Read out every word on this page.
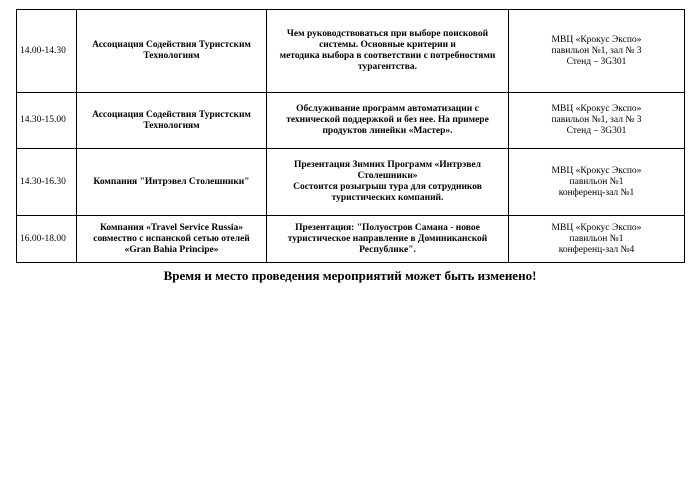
14.00-14.30	Ассоциация Содействия Туристским
Технологиям	Чем руководствоваться при выборе поисковой
системы. Основные критерии и
методика выбора в соответствии с потребностями
турагентства.	МВЦ «Крокус Экспо»
павильон №1, зал № 3
Стенд – 3G301

14.30-15.00	Ассоциация Содействия Туристским
Технологиям	Обслуживание программ автоматизации с
технической поддержкой и без нее. На примере
продуктов линейки «Мастер».	МВЦ «Крокус Экспо»
павильон №1, зал № 3
Стенд – 3G301

14.30-16.30	Компания "Интрэвел Столешники"	Презентация Зимних Программ «Интрэвел
Столешники»
Состоится розыгрыш тура для сотрудников
туристических компаний.	МВЦ «Крокус Экспо»
павильон №1
конференц-зал №1

16.00-18.00	Компания «Travel Service Russia»
совместно с испанской сетью отелей
«Gran Bahia Principe»	Презентация: "Полуостров Самана - новое
туристическое направление в Доминиканской
Республике".	МВЦ «Крокус Экспо»
павильон №1
конференц-зал №4
Время и место проведения мероприятий может быть изменено!
